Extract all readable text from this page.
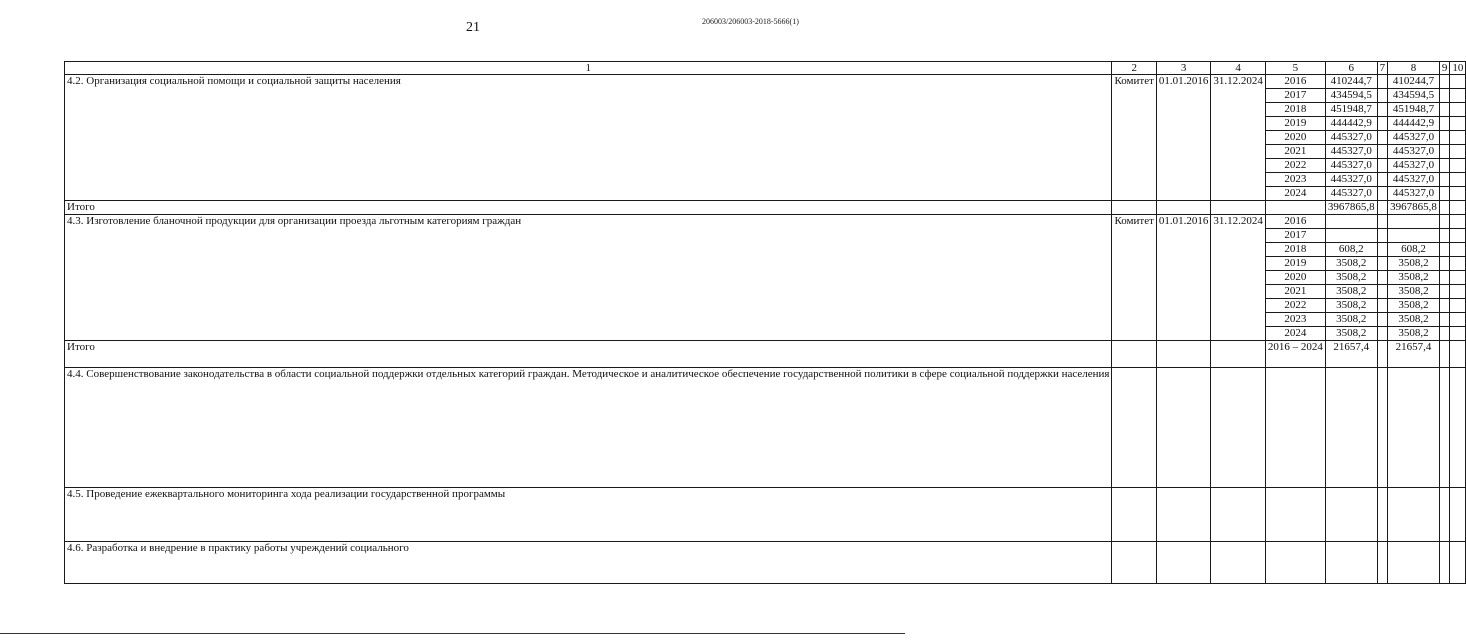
21	206003/206003-2018-5666(1)
1	2	3	4	5	6	7	8	9	10
4.2. Организация социальной помощи и социальной защиты населения	Комитет	01.01.2016	31.12.2024	2016	410244,7		410244,7		
				2017	434594,5		434594,5		
				2018	451948,7		451948,7		
				2019	444442,9		444442,9		
				2020	445327,0		445327,0		
				2021	445327,0		445327,0		
				2022	445327,0		445327,0		
				2023	445327,0		445327,0		
				2024	445327,0		445327,0		
Итого					3967865,8		3967865,8		
4.3. Изготовление бланочной продукции для организации проезда льготным категориям граждан	Комитет	01.01.2016	31.12.2024	2016					
				2017					
				2018	608,2		608,2		
				2019	3508,2		3508,2		
				2020	3508,2		3508,2		
				2021	3508,2		3508,2		
				2022	3508,2		3508,2		
				2023	3508,2		3508,2		
				2024	3508,2		3508,2		
Итого				2016 – 2024	21657,4		21657,4		
4.4. Совершенствование законодательства в области социальной поддержки отдельных категорий граждан. Методическое и аналитическое обеспечение государственной политики в сфере социальной поддержки населения									
4.5. Проведение ежеквартального мониторинга хода реализации государственной программы									
4.6. Разработка и внедрение в практику работы учреждений социального									
